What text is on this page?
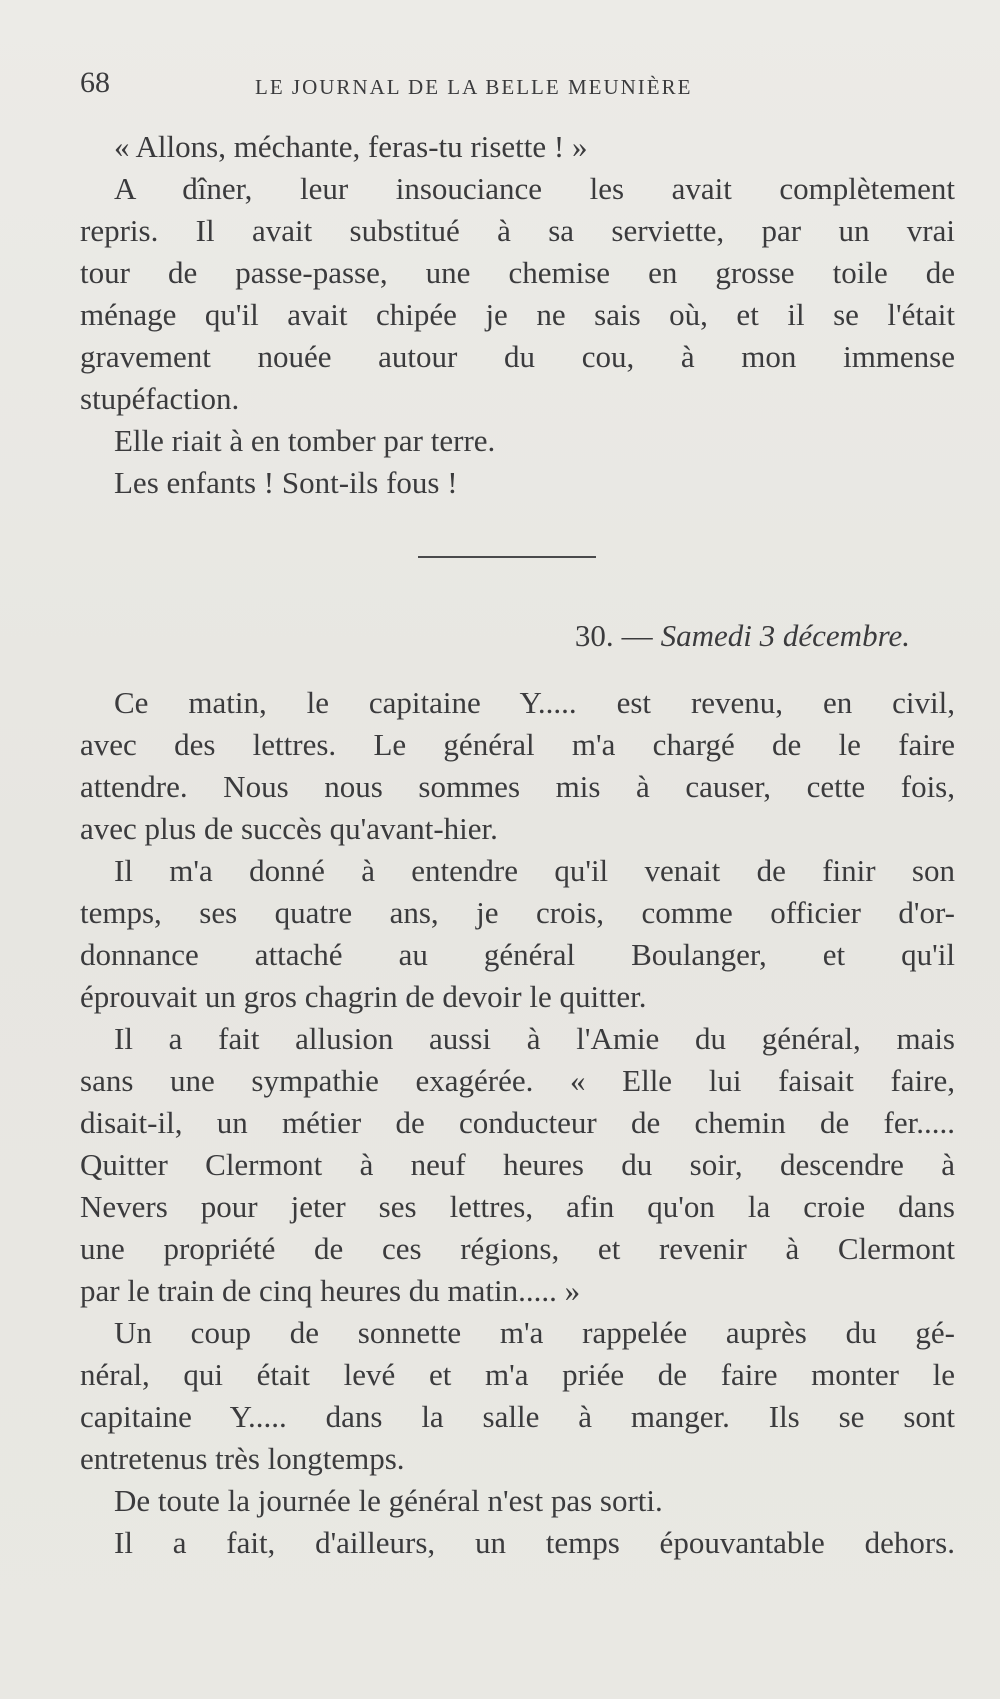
68	LE JOURNAL DE LA BELLE MEUNIÈRE
« Allons, méchante, feras-tu risette ! »
A dîner, leur insouciance les avait complètement
repris. Il avait substitué à sa serviette, par un vrai
tour de passe-passe, une chemise en grosse toile de
ménage qu'il avait chipée je ne sais où, et il se l'était
gravement nouée autour du cou, à mon immense
stupéfaction.
Elle riait à en tomber par terre.
Les enfants ! Sont-ils fous !
30. — Samedi 3 décembre.
Ce matin, le capitaine Y..... est revenu, en civil,
avec des lettres. Le général m'a chargé de le faire
attendre. Nous nous sommes mis à causer, cette fois,
avec plus de succès qu'avant-hier.
Il m'a donné à entendre qu'il venait de finir son
temps, ses quatre ans, je crois, comme officier d'or-
donnance attaché au général Boulanger, et qu'il
éprouvait un gros chagrin de devoir le quitter.
Il a fait allusion aussi à l'Amie du général, mais
sans une sympathie exagérée. « Elle lui faisait faire,
disait-il, un métier de conducteur de chemin de fer.....
Quitter Clermont à neuf heures du soir, descendre à
Nevers pour jeter ses lettres, afin qu'on la croie dans
une propriété de ces régions, et revenir à Clermont
par le train de cinq heures du matin..... »
Un coup de sonnette m'a rappelée auprès du gé-
néral, qui était levé et m'a priée de faire monter le
capitaine Y..... dans la salle à manger. Ils se sont
entretenus très longtemps.
De toute la journée le général n'est pas sorti.
Il a fait, d'ailleurs, un temps épouvantable dehors.
